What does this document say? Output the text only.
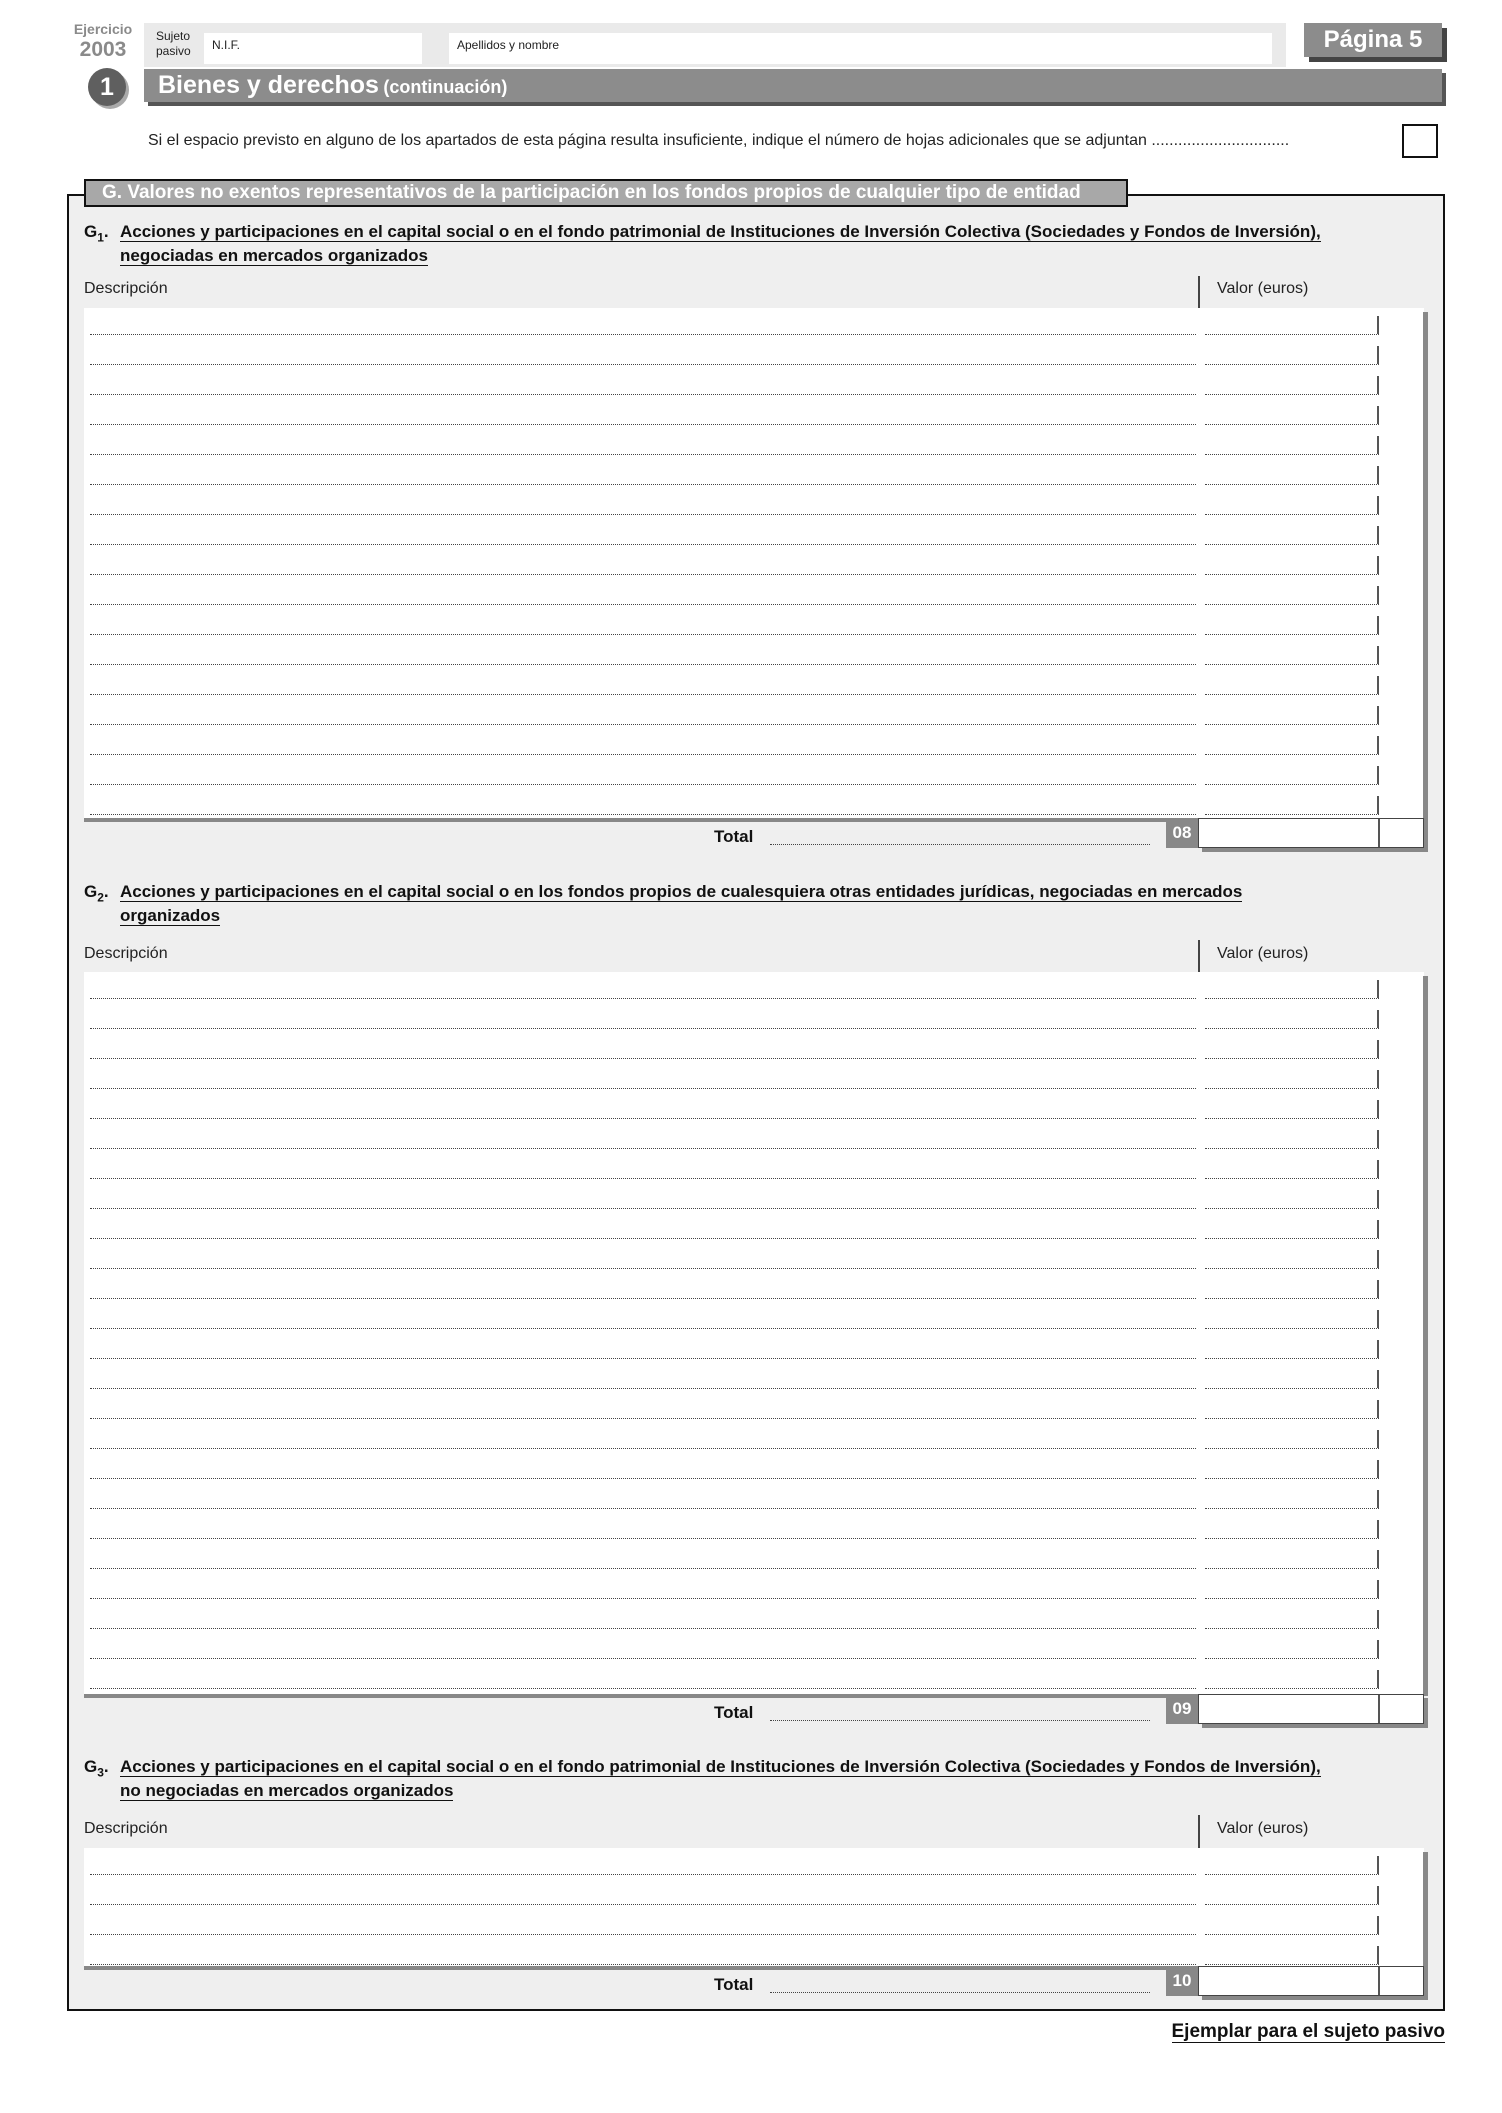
Ejercicio
2003
Sujeto
pasivo	N.I.F.	Apellidos y nombre	Página 5
1	Bienes y derechos (continuación)
Si el espacio previsto en alguno de los apartados de esta página resulta insuficiente, indique el número de hojas adicionales que se adjuntan ...............................
G. Valores no exentos representativos de la participación en los fondos propios de cualquier tipo de entidad
$G_1$. Acciones y participaciones en el capital social o en el fondo patrimonial de Instituciones de Inversión Colectiva (Sociedades y Fondos de Inversión),
negociadas en mercados organizados
Descripción	Valor (euros)
Total	08
$G_2$. Acciones y participaciones en el capital social o en los fondos propios de cualesquiera otras entidades jurídicas, negociadas en mercados
organizados
Descripción	Valor (euros)
Total	09
$G_3$. Acciones y participaciones en el capital social o en el fondo patrimonial de Instituciones de Inversión Colectiva (Sociedades y Fondos de Inversión),
no negociadas en mercados organizados
Descripción	Valor (euros)
Total	10
Ejemplar para el sujeto pasivo
